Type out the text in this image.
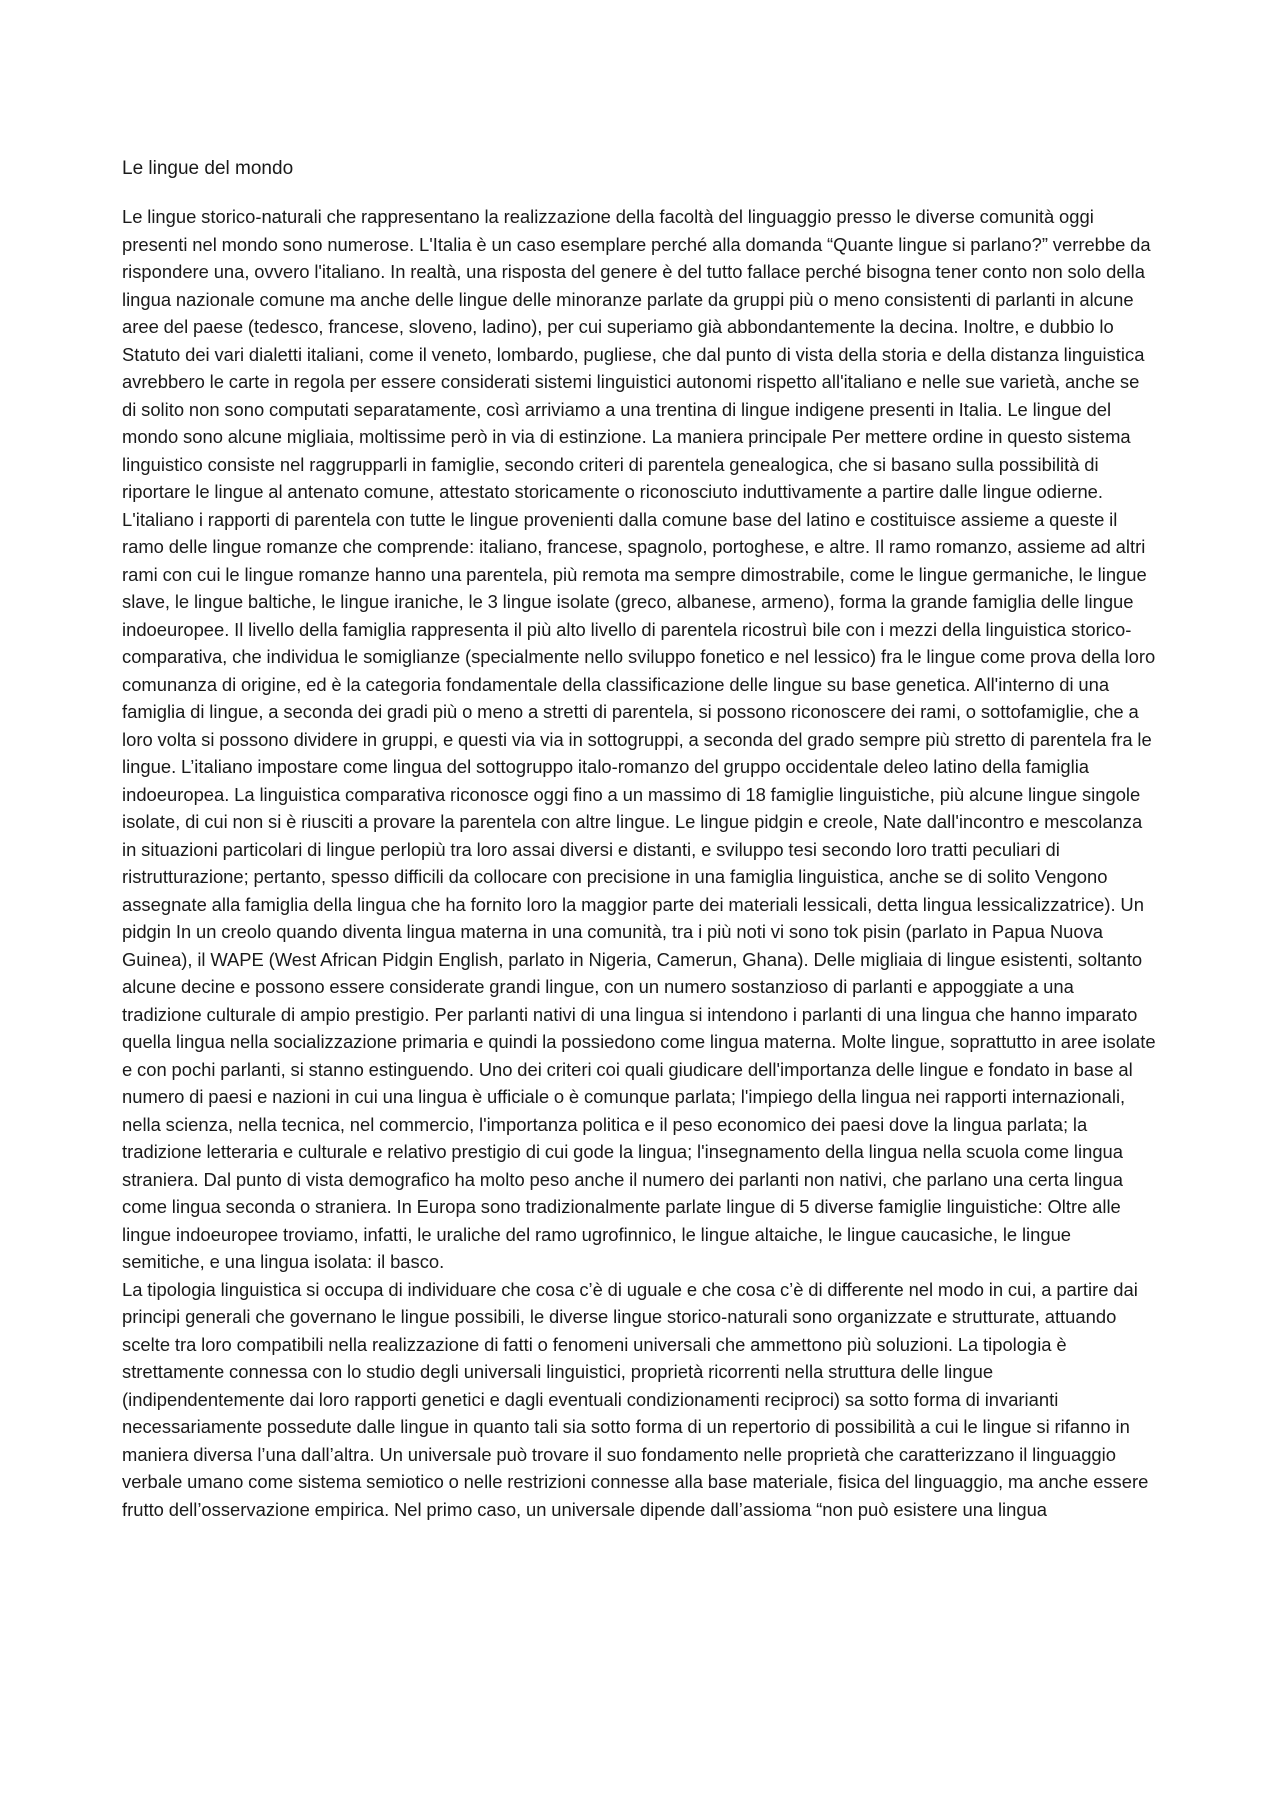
Le lingue del mondo

Le lingue storico-naturali che rappresentano la realizzazione della facoltà del linguaggio presso le diverse comunità oggi presenti nel mondo sono numerose. L'Italia è un caso esemplare perché alla domanda “Quante lingue si parlano?” verrebbe da rispondere una, ovvero l'italiano. In realtà, una risposta del genere è del tutto fallace perché bisogna tener conto non solo della lingua nazionale comune ma anche delle lingue delle minoranze parlate da gruppi più o meno consistenti di parlanti in alcune aree del paese (tedesco, francese, sloveno, ladino), per cui superiamo già abbondantemente la decina. Inoltre, e dubbio lo Statuto dei vari dialetti italiani, come il veneto, lombardo, pugliese, che dal punto di vista della storia e della distanza linguistica avrebbero le carte in regola per essere considerati sistemi linguistici autonomi rispetto all'italiano e nelle sue varietà, anche se di solito non sono computati separatamente, così arriviamo a una trentina di lingue indigene presenti in Italia. Le lingue del mondo sono alcune migliaia, moltissime però in via di estinzione. La maniera principale Per mettere ordine in questo sistema linguistico consiste nel raggrupparli in famiglie, secondo criteri di parentela genealogica, che si basano sulla possibilità di riportare le lingue al antenato comune, attestato storicamente o riconosciuto induttivamente a partire dalle lingue odierne. L'italiano i rapporti di parentela con tutte le lingue provenienti dalla comune base del latino e costituisce assieme a queste il ramo delle lingue romanze che comprende: italiano, francese, spagnolo, portoghese, e altre. Il ramo romanzo, assieme ad altri rami con cui le lingue romanze hanno una parentela, più remota ma sempre dimostrabile, come le lingue germaniche, le lingue slave, le lingue baltiche, le lingue iraniche, le 3 lingue isolate (greco, albanese, armeno), forma la grande famiglia delle lingue indoeuropee. Il livello della famiglia rappresenta il più alto livello di parentela ricostruì bile con i mezzi della linguistica storico-comparativa, che individua le somiglianze (specialmente nello sviluppo fonetico e nel lessico) fra le lingue come prova della loro comunanza di origine, ed è la categoria fondamentale della classificazione delle lingue su base genetica. All'interno di una famiglia di lingue, a seconda dei gradi più o meno a stretti di parentela, si possono riconoscere dei rami, o sottofamiglie, che a loro volta si possono dividere in gruppi, e questi via via in sottogruppi, a seconda del grado sempre più stretto di parentela fra le lingue. L’italiano impostare come lingua del sottogruppo italo-romanzo del gruppo occidentale deleo latino della famiglia indoeuropea. La linguistica comparativa riconosce oggi fino a un massimo di 18 famiglie linguistiche, più alcune lingue singole isolate, di cui non si è riusciti a provare la parentela con altre lingue. Le lingue pidgin e creole, Nate dall'incontro e mescolanza in situazioni particolari di lingue perlopiù tra loro assai diversi e distanti, e sviluppo tesi secondo loro tratti peculiari di ristrutturazione; pertanto, spesso difficili da collocare con precisione in una famiglia linguistica, anche se di solito Vengono assegnate alla famiglia della lingua che ha fornito loro la maggior parte dei materiali lessicali, detta lingua lessicalizzatrice). Un pidgin In un creolo quando diventa lingua materna in una comunità, tra i più noti vi sono tok pisin (parlato in Papua Nuova Guinea), il WAPE (West African Pidgin English, parlato in Nigeria, Camerun, Ghana). Delle migliaia di lingue esistenti, soltanto alcune decine e possono essere considerate grandi lingue, con un numero sostanzioso di parlanti e appoggiate a una tradizione culturale di ampio prestigio. Per parlanti nativi di una lingua si intendono i parlanti di una lingua che hanno imparato quella lingua nella socializzazione primaria e quindi la possiedono come lingua materna. Molte lingue, soprattutto in aree isolate e con pochi parlanti, si stanno estinguendo. Uno dei criteri coi quali giudicare dell'importanza delle lingue e fondato in base al numero di paesi e nazioni in cui una lingua è ufficiale o è comunque parlata; l'impiego della lingua nei rapporti internazionali, nella scienza, nella tecnica, nel commercio, l'importanza politica e il peso economico dei paesi dove la lingua parlata; la tradizione letteraria e culturale e relativo prestigio di cui gode la lingua; l'insegnamento della lingua nella scuola come lingua straniera. Dal punto di vista demografico ha molto peso anche il numero dei parlanti non nativi, che parlano una certa lingua come lingua seconda o straniera. In Europa sono tradizionalmente parlate lingue di 5 diverse famiglie linguistiche: Oltre alle lingue indoeuropee troviamo, infatti, le uraliche del ramo ugrofinnico, le lingue altaiche, le lingue caucasiche, le lingue semitiche, e una lingua isolata: il basco.

La tipologia linguistica si occupa di individuare che cosa c’è di uguale e che cosa c’è di differente nel modo in cui, a partire dai principi generali che governano le lingue possibili, le diverse lingue storico-naturali sono organizzate e strutturate, attuando scelte tra loro compatibili nella realizzazione di fatti o fenomeni universali che ammettono più soluzioni. La tipologia è strettamente connessa con lo studio degli universali linguistici, proprietà ricorrenti nella struttura delle lingue (indipendentemente dai loro rapporti genetici e dagli eventuali condizionamenti reciproci) sa sotto forma di invarianti necessariamente possedute dalle lingue in quanto tali sia sotto forma di un repertorio di possibilità a cui le lingue si rifanno in maniera diversa l’una dall’altra. Un universale può trovare il suo fondamento nelle proprietà che caratterizzano il linguaggio verbale umano come sistema semiotico o nelle restrizioni connesse alla base materiale, fisica del linguaggio, ma anche essere frutto dell’osservazione empirica. Nel primo caso, un universale dipende dall’assioma “non può esistere una lingua
